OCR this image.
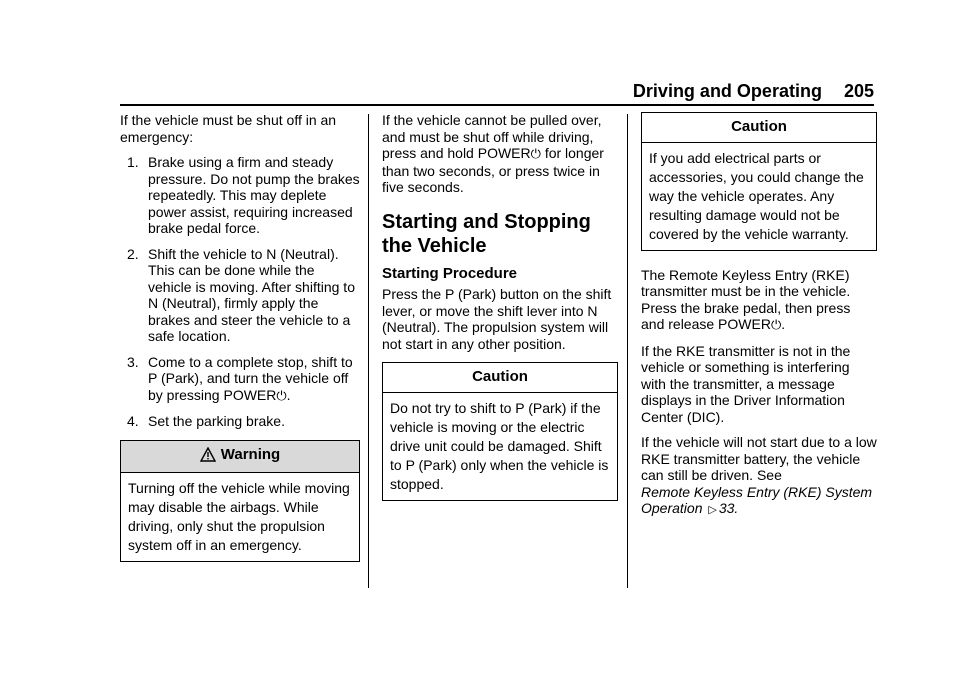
Driving and Operating 205

If the vehicle must be shut off in an emergency:

1. Brake using a firm and steady pressure. Do not pump the brakes repeatedly. This may deplete power assist, requiring increased brake pedal force.
2. Shift the vehicle to N (Neutral). This can be done while the vehicle is moving. After shifting to N (Neutral), firmly apply the brakes and steer the vehicle to a safe location.
3. Come to a complete stop, shift to P (Park), and turn the vehicle off by pressing POWER⏻.
4. Set the parking brake.
Warning
Turning off the vehicle while moving may disable the airbags. While driving, only shut the propulsion system off in an emergency.

If the vehicle cannot be pulled over, and must be shut off while driving, press and hold POWER⏻ for longer than two seconds, or press twice in five seconds.

Starting and Stopping the Vehicle
Starting Procedure

Press the P (Park) button on the shift lever, or move the shift lever into N (Neutral). The propulsion system will not start in any other position.

Caution
Do not try to shift to P (Park) if the vehicle is moving or the electric drive unit could be damaged. Shift to P (Park) only when the vehicle is stopped.
Caution
If you add electrical parts or accessories, you could change the way the vehicle operates. Any resulting damage would not be covered by the vehicle warranty.

The Remote Keyless Entry (RKE) transmitter must be in the vehicle. Press the brake pedal, then press and release POWER⏻.

If the RKE transmitter is not in the vehicle or something is interfering with the transmitter, a message displays in the Driver Information Center (DIC).

If the vehicle will not start due to a low RKE transmitter battery, the vehicle can still be driven. See
Remote Keyless Entry (RKE) System Operation ▷ 33.
